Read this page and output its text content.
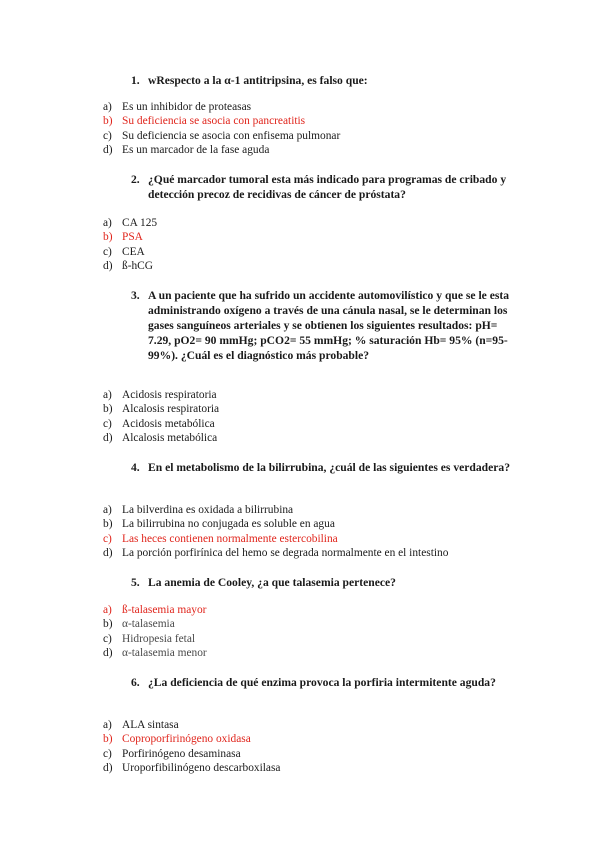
1. wRespecto a la α-1 antitripsina, es falso que:
a) Es un inhibidor de proteasas
b) Su deficiencia se asocia con pancreatitis
c) Su deficiencia se asocia con enfisema pulmonar
d) Es un marcador de la fase aguda
2. ¿Qué marcador tumoral esta más indicado para programas de cribado y detección precoz de recidivas de cáncer de próstata?
a) CA 125
b) PSA
c) CEA
d) ß-hCG
3. A un paciente que ha sufrido un accidente automovilístico y que se le esta administrando oxígeno a través de una cánula nasal, se le determinan los gases sanguíneos arteriales y se obtienen los siguientes resultados: pH= 7.29, pO2= 90 mmHg; pCO2= 55 mmHg; % saturación Hb= 95% (n=95-99%). ¿Cuál es el diagnóstico más probable?
a) Acidosis respiratoria
b) Alcalosis respiratoria
c) Acidosis metabólica
d) Alcalosis metabólica
4. En el metabolismo de la bilirrubina, ¿cuál de las siguientes es verdadera?
a) La bilverdina es oxidada a bilirrubina
b) La bilirrubina no conjugada es soluble en agua
c) Las heces contienen normalmente estercobilina
d) La porción porfirínica del hemo se degrada normalmente en el intestino
5. La anemia de Cooley, ¿a que talasemia pertenece?
a) ß-talasemia mayor
b) α-talasemia
c) Hidropesia fetal
d) α-talasemia menor
6. ¿La deficiencia de qué enzima provoca la porfiria intermitente aguda?
a) ALA sintasa
b) Coproporfirinógeno oxidasa
c) Porfirinógeno desaminasa
d) Uroporfibilinógeno descarboxilasa
